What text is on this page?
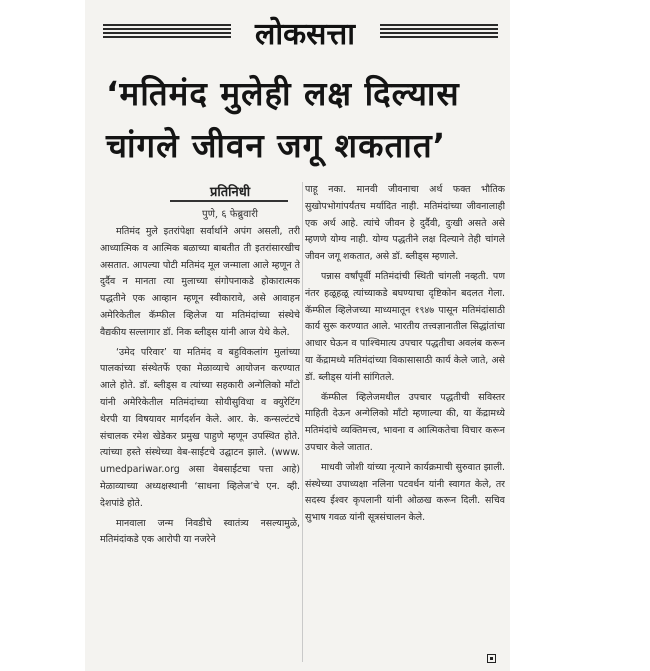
लोकसत्ता
‘मतिमंद मुलेही लक्ष दिल्यास
चांगले जीवन जगू शकतात’
प्रतिनिधी
पुणे, ६ फेब्रुवारी

मतिमंद मुले इतरांपेक्षा सर्वार्थाने अपंग असली, तरी आध्यात्मिक व आत्मिक बळाच्या बाबतीत ती इतरांसारखीच असतात. आपल्या पोटी मतिमंद मूल जन्माला आले म्हणून ते दुर्दैव न मानता त्या मुलाच्या संगोपनाकडे होकारात्मक पद्धतीने एक आव्हान म्हणून स्वीकारावे, असे आवाहन अमेरिकेतील कॅम्फील व्हिलेज या मतिमंदांच्या संस्थेचे वैद्यकीय सल्लागार डॉ. निक ब्लीड्स यांनी आज येथे केले.

‘उमेद परिवार’ या मतिमंद व बहुविकलांग मुलांच्या पालकांच्या संस्थेतर्फे एका मेळाव्याचे आयोजन करण्यात आले होते. डॉ. ब्लीड्स व त्यांच्या सहकारी अन्गेलिको मॉंटो यांनी अमेरिकेतील मतिमंदांच्या सोयीसुविधा व क्युरेटिंग थेरपी या विषयावर मार्गदर्शन केले. आर. के. कन्सल्टंटचे संचालक रमेश खेडेकर प्रमुख पाहुणे म्हणून उपस्थित होते. त्यांच्या हस्ते संस्थेच्या वेब-साईटचे उद्घाटन झाले. (www. umedpariwar.org असा वेबसाईटचा पत्ता आहे) मेळाव्याच्या अध्यक्षस्थानी ‘साधना व्हिलेज’चे एन. व्ही. देशपांडे होते.

मानवाला जन्म निवडीचे स्वातंत्र्य नसल्यामुळे, मतिमंदांकडे एक आरोपी या नजरेने

पाहू नका. मानवी जीवनाचा अर्थ फक्त भौतिक सुखोपभोगांपर्यंतच मर्यादित नाही. मतिमंदांच्या जीवनालाही एक अर्थ आहे. त्यांचे जीवन हे दुर्दैवी, दुःखी असते असे म्हणणे योग्य नाही. योग्य पद्धतीने लक्ष दिल्याने तेही चांगले जीवन जगू शकतात, असे डॉ. ब्लीड्स म्हणाले.

पन्नास वर्षांपूर्वी मतिमंदांची स्थिती चांगली नव्हती. पण नंतर हळूहळू त्यांच्याकडे बघण्याचा दृष्टिकोन बदलत गेला. कॅम्फील व्हिलेजच्या माध्यमातून १९४७ पासून मतिमंदांसाठी कार्य सुरू करण्यात आले. भारतीय तत्त्वज्ञानातील सिद्धांतांचा आधार घेऊन व पाश्चिमात्य उपचार पद्धतीचा अवलंब करून या केंद्रामध्ये मतिमंदांच्या विकासासाठी कार्य केले जाते, असे डॉ. ब्लीड्स यांनी सांगितले.

कॅम्फील व्हिलेजमधील उपचार पद्धतीची सविस्तर माहिती देऊन अन्गेलिको मॉंटो म्हणाल्या की, या केंद्रामध्ये मतिमंदांचे व्यक्तिमत्त्व, भावना व आत्मिकतेचा विचार करून उपचार केले जातात.

माधवी जोशी यांच्या नृत्याने कार्यक्रमाची सुरुवात झाली. संस्थेच्या उपाध्यक्षा नलिना पटवर्धन यांनी स्वागत केले, तर सदस्य ईश्वर कृपलानी यांनी ओळख करून दिली. सचिव सुभाष गवळ यांनी सूत्रसंचालन केले.
